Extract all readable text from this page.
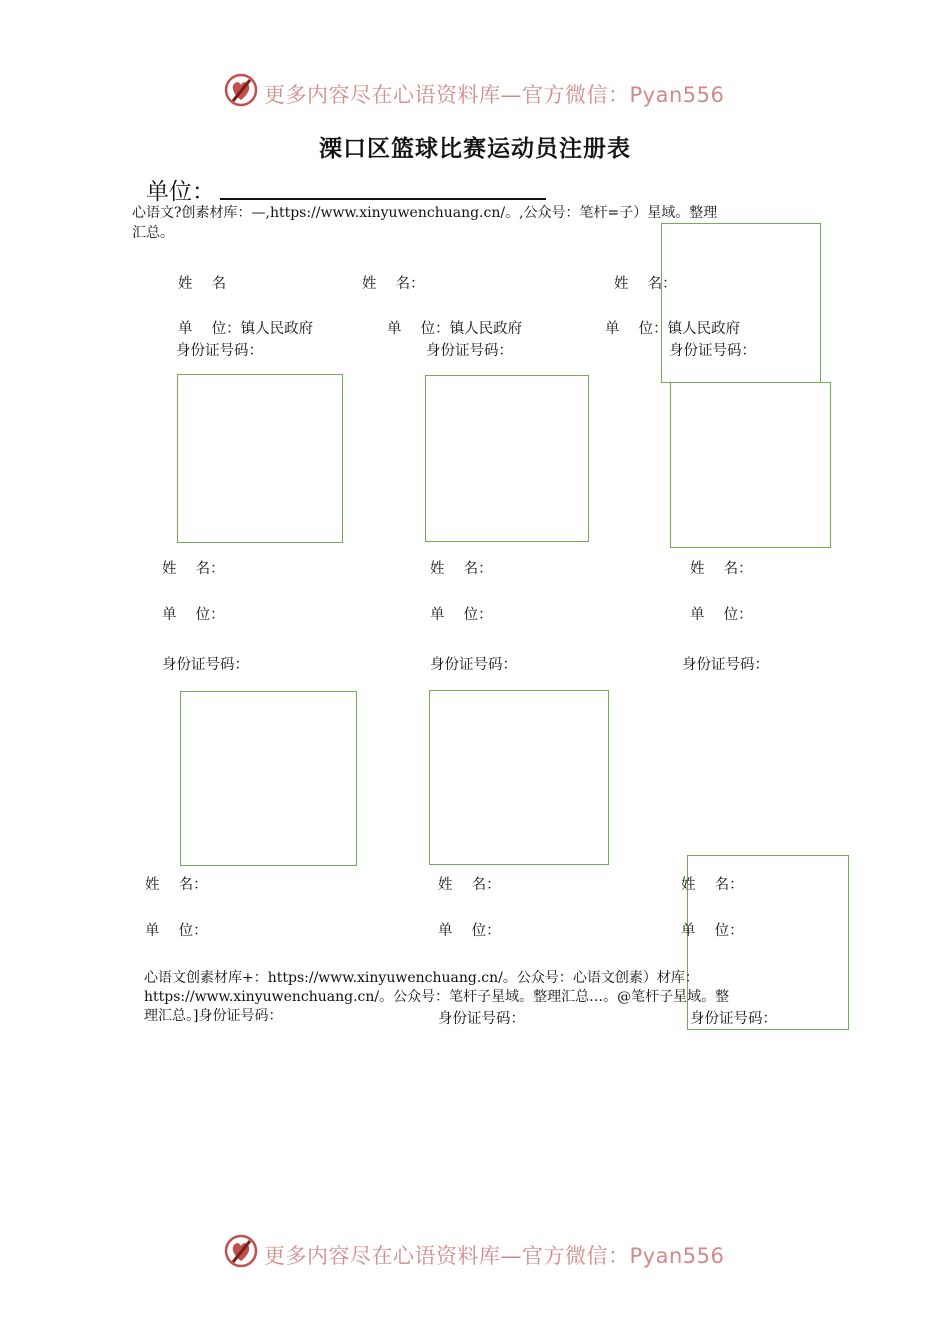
更多内容尽在心语资料库—官方微信：Pyan556
溧口区篮球比赛运动员注册表
单位：
心语文?创素材库：—,https://www.xinyuwenchuang.cn/。,公众号：笔杆=子）星域。整理
汇总。
姓　 名	姓　 名：	姓　 名：
单　 位：镇人民政府	单　 位：镇人民政府	单　 位：镇人民政府
身份证号码：	身份证号码：	身份证号码：
姓　 名：	姓　 名：	姓　 名：
单　 位：	单　 位：	单　 位：
身份证号码：	身份证号码：	身份证号码：
姓　 名：	姓　 名：	姓　 名：
单　 位：	单　 位：	单　 位：
心语文创素材库+：https://www.xinyuwenchuang.cn/。公众号：心语文创素）材库：
https://www.xinyuwenchuang.cn/。公众号：笔杆子星域。整理汇总…。@笔杆子星域。整
理汇总。]身份证号码：	身份证号码：	身份证号码：
更多内容尽在心语资料库—官方微信：Pyan556
